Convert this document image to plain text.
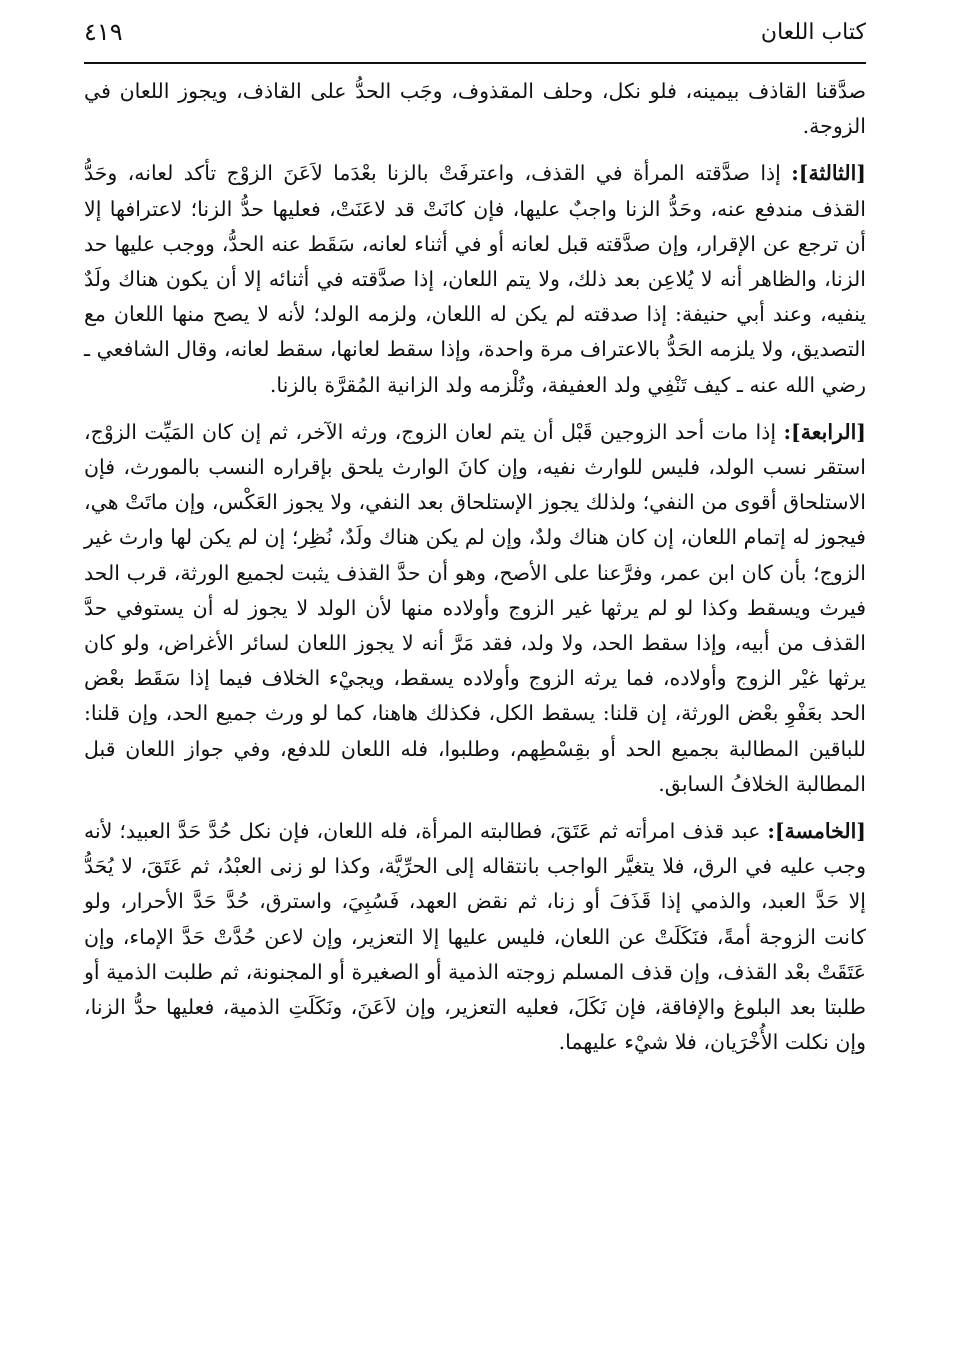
كتاب اللعان
٤١٩

صدَّقنا القاذف بيمينه، فلو نكل، وحلف المقذوف، وجَب الحدُّ على القاذف، ويجوز اللعان في الزوجة.

[الثالثة]: إذا صدَّقته المرأة في القذف، واعترفَتْ بالزنا بعْدَما لاَعَنَ الزوْج تأكد لعانه، وحَدُّ القذف مندفع عنه، وحَدُّ الزنا واجبٌ عليها، فإن كانَتْ قد لاعَنَتْ، فعليها حدُّ الزنا؛ لاعترافها إلا أن ترجع عن الإقرار، وإن صدَّقته قبل لعانه أو في أثناء لعانه، سَقَط عنه الحدُّ، ووجب عليها حد الزنا، والظاهر أنه لا يُلاعِن بعد ذلك، ولا يتم اللعان، إذا صدَّقته في أثنائه إلا أن يكون هناك ولَدٌ ينفيه، وعند أبي حنيفة: إذا صدقته لم يكن له اللعان، ولزمه الولد؛ لأنه لا يصح منها اللعان مع التصديق، ولا يلزمه الحَدُّ بالاعتراف مرة واحدة، وإذا سقط لعانها، سقط لعانه، وقال الشافعي ـ رضي الله عنه ـ كيف تَنْفِي ولد العفيفة، وتُلْزمه ولد الزانية المُقرَّة بالزنا.

[الرابعة]: إذا مات أحد الزوجين قَبْل أن يتم لعان الزوج، ورثه الآخر، ثم إن كان المَيِّت الزوْج، استقر نسب الولد، فليس للوارث نفيه، وإن كانَ الوارث يلحق بإقراره النسب بالمورث، فإن الاستلحاق أقوى من النفي؛ ولذلك يجوز الإستلحاق بعد النفي، ولا يجوز العَكْس، وإن ماتَتْ هي، فيجوز له إتمام اللعان، إن كان هناك ولدٌ، وإن لم يكن هناك ولَدٌ، نُظِر؛ إن لم يكن لها وارث غير الزوج؛ بأن كان ابن عمر، وفرَّعنا على الأصح، وهو أن حدَّ القذف يثبت لجميع الورثة، قرب الحد فيرث ويسقط وكذا لو لم يرثها غير الزوج وأولاده منها لأن الولد لا يجوز له أن يستوفي حدَّ القذف من أبيه، وإذا سقط الحد، ولا ولد، فقد مَرَّ أنه لا يجوز اللعان لسائر الأغراض، ولو كان يرثها غيْر الزوج وأولاده، فما يرثه الزوج وأولاده يسقط، ويجيْء الخلاف فيما إذا سَقَط بعْض الحد بعَفْوِ بعْض الورثة، إن قلنا: يسقط الكل، فكذلك هاهنا، كما لو ورث جميع الحد، وإن قلنا: للباقين المطالبة بجميع الحد أو بقِسْطِهم، وطلبوا، فله اللعان للدفع، وفي جواز اللعان قبل المطالبة الخلافُ السابق.

[الخامسة]: عبد قذف امرأته ثم عَتَقَ، فطالبته المرأة، فله اللعان، فإن نكل حُدَّ حَدَّ العبيد؛ لأنه وجب عليه في الرق، فلا يتغيَّر الواجب بانتقاله إلى الحرِّيَّة، وكذا لو زنى العبْدُ، ثم عَتَقَ، لا يُحَدُّ إلا حَدَّ العبد، والذمي إذا قَذَفَ أو زنا، ثم نقض العهد، فَسُبِيَ، واسترق، حُدَّ حَدَّ الأحرار، ولو كانت الزوجة أمةً، فنَكَلَتْ عن اللعان، فليس عليها إلا التعزير، وإن لاعن حُدَّتْ حَدَّ الإماء، وإن عَتَقَتْ بعْد القذف، وإن قذف المسلم زوجته الذمية أو الصغيرة أو المجنونة، ثم طلبت الذمية أو طلبتا بعد البلوغ والإفاقة، فإن نَكَلَ، فعليه التعزير، وإن لاَعَنَ، ونَكَلَتِ الذمية، فعليها حدُّ الزنا، وإن نكلت الأُخْرَيان، فلا شيْء عليهما.
